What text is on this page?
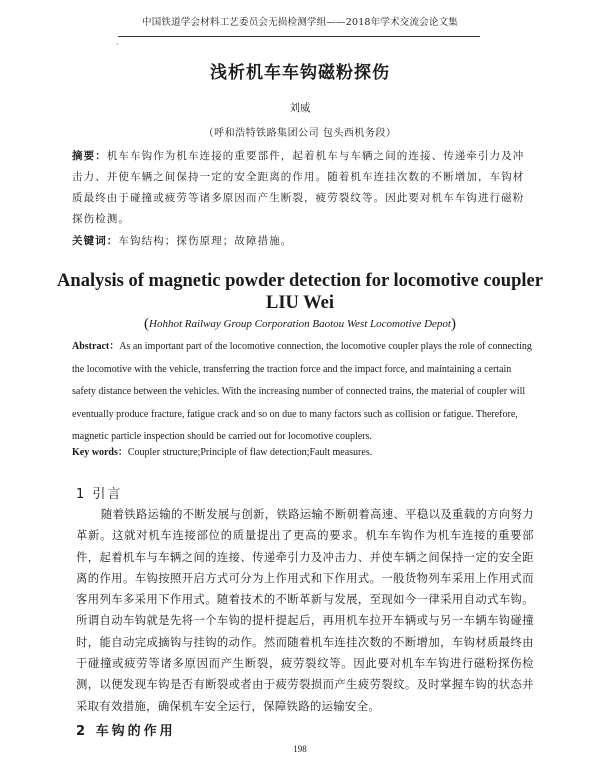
中国铁道学会材料工艺委员会无损检测学组——2018年学术交流会论文集
·
浅析机车车钩磁粉探伤
刘威
（呼和浩特铁路集团公司 包头西机务段）

摘要：机车车钩作为机车连接的重要部件，起着机车与车辆之间的连接、传递牵引力及冲击力、并使车辆之间保持一定的安全距离的作用。随着机车连挂次数的不断增加，车钩材质最终由于碰撞或疲劳等诸多原因而产生断裂，疲劳裂纹等。因此要对机车车钩进行磁粉探伤检测。

关键词：车钩结构；探伤原理；故障措施。

Analysis of magnetic powder detection for locomotive coupler
LIU Wei
(Hohhot Railway Group Corporation Baotou West Locomotive Depot)

Abstract：As an important part of the locomotive connection, the locomotive coupler plays the role of connecting the locomotive with the vehicle, transferring the traction force and the impact force, and maintaining a certain safety distance between the vehicles. With the increasing number of connected trains, the material of coupler will eventually produce fracture, fatigue crack and so on due to many factors such as collision or fatigue. Therefore, magnetic particle inspection should be carried out for locomotive couplers.

Key words：Coupler structure;Principle of flaw detection;Fault measures.

1 引言

随着铁路运输的不断发展与创新，铁路运输不断朝着高速、平稳以及重载的方向努力革新。这就对机车连接部位的质量提出了更高的要求。机车车钩作为机车连接的重要部件，起着机车与车辆之间的连接、传递牵引力及冲击力、并使车辆之间保持一定的安全距离的作用。车钩按照开启方式可分为上作用式和下作用式。一般货物列车采用上作用式而客用列车多采用下作用式。随着技术的不断革新与发展，至现如今一律采用自动式车钩。所谓自动车钩就是先将一个车钩的提杆提起后，再用机车拉开车辆或与另一车辆车钩碰撞时，能自动完成摘钩与挂钩的动作。然而随着机车连挂次数的不断增加，车钩材质最终由于碰撞或疲劳等诸多原因而产生断裂，疲劳裂纹等。因此要对机车车钩进行磁粉探伤检测，以便发现车钩是否有断裂或者由于疲劳裂损而产生疲劳裂纹。及时掌握车钩的状态并采取有效措施，确保机车安全运行，保障铁路的运输安全。

2 车钩的作用
198
